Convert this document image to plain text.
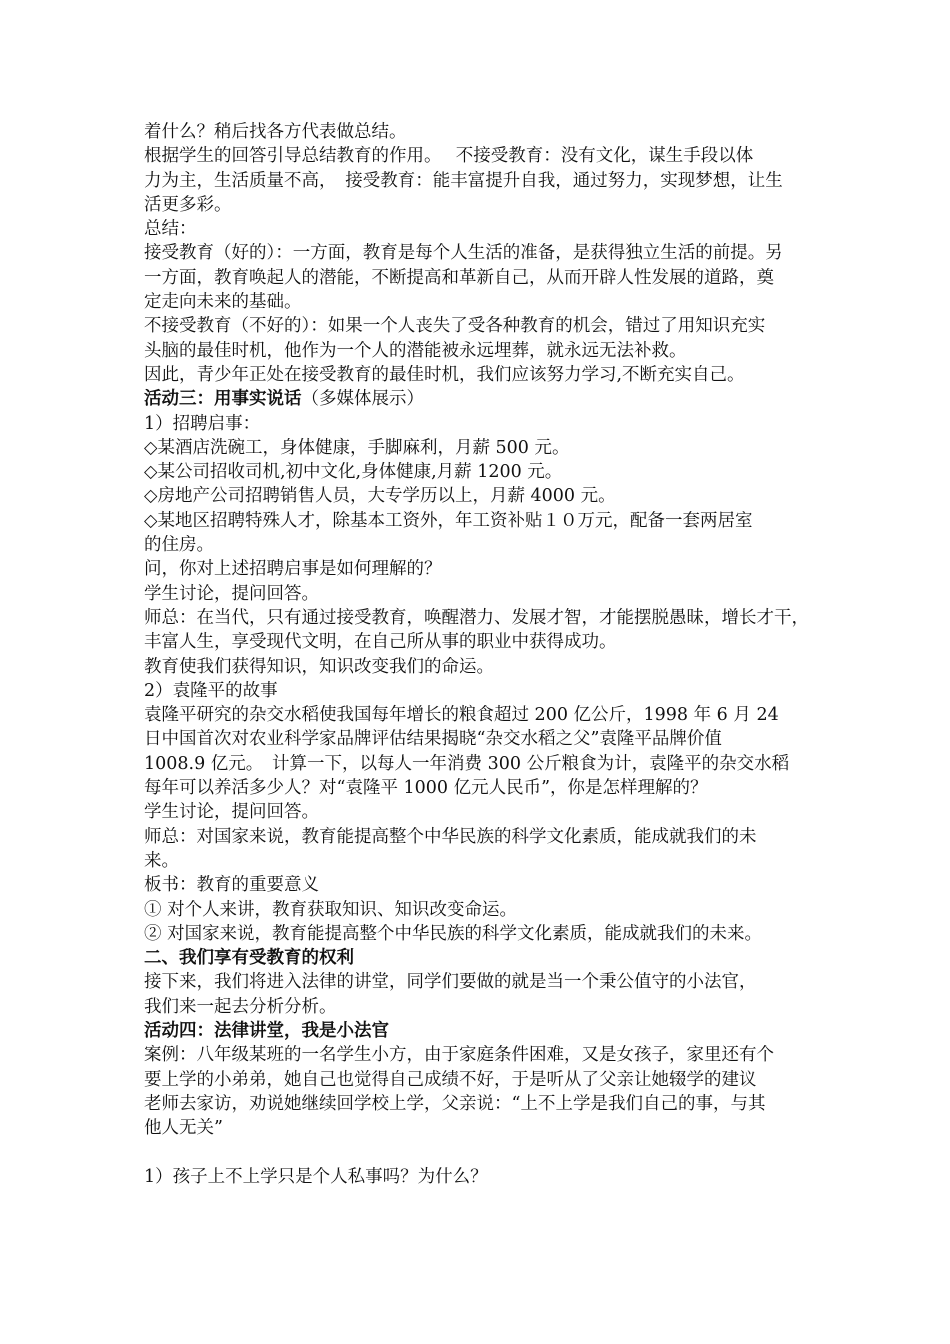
着什么？稍后找各方代表做总结。
根据学生的回答引导总结教育的作用。　 不接受教育：没有文化，谋生手段以体
力为主，生活质量不高，　接受教育：能丰富提升自我，通过努力，实现梦想，让生
活更多彩。
总结：
接受教育（好的）：一方面，教育是每个人生活的准备，是获得独立生活的前提。另
一方面，教育唤起人的潜能，不断提高和革新自己，从而开辟人性发展的道路，奠
定走向未来的基础。
不接受教育（不好的）：如果一个人丧失了受各种教育的机会，错过了用知识充实
头脑的最佳时机，他作为一个人的潜能被永远埋葬，就永远无法补救。
因此，青少年正处在接受教育的最佳时机，我们应该努力学习,不断充实自己。
活动三：用事实说话（多媒体展示）
1）招聘启事：
◇某酒店洗碗工，身体健康，手脚麻利，月薪 500 元。
◇某公司招收司机,初中文化,身体健康,月薪 1200 元。
◇房地产公司招聘销售人员，大专学历以上，月薪 4000 元。
◇某地区招聘特殊人才，除基本工资外，年工资补贴１０万元，配备一套两居室
的住房。
问，你对上述招聘启事是如何理解的？
学生讨论，提问回答。
师总：在当代，只有通过接受教育，唤醒潜力、发展才智，才能摆脱愚昧，增长才干，
丰富人生，享受现代文明，在自己所从事的职业中获得成功。
教育使我们获得知识，知识改变我们的命运。
2）袁隆平的故事
袁隆平研究的杂交水稻使我国每年增长的粮食超过 200 亿公斤，1998 年 6 月 24
日中国首次对农业科学家品牌评估结果揭晓“杂交水稻之父”袁隆平品牌价值
1008.9 亿元。　计算一下，以每人一年消费 300 公斤粮食为计，袁隆平的杂交水稻
每年可以养活多少人？对“袁隆平 1000 亿元人民币”，你是怎样理解的？
学生讨论，提问回答。
师总：对国家来说，教育能提高整个中华民族的科学文化素质，能成就我们的未
来。
板书：教育的重要意义
① 对个人来讲，教育获取知识、知识改变命运。
② 对国家来说，教育能提高整个中华民族的科学文化素质，能成就我们的未来。
二、我们享有受教育的权利
接下来，我们将进入法律的讲堂，同学们要做的就是当一个秉公值守的小法官，
我们来一起去分析分析。
活动四：法律讲堂，我是小法官
案例：八年级某班的一名学生小方，由于家庭条件困难，又是女孩子，家里还有个
要上学的小弟弟，她自己也觉得自己成绩不好，于是听从了父亲让她辍学的建议
老师去家访，劝说她继续回学校上学，父亲说：“上不上学是我们自己的事，与其
他人无关”
1）孩子上不上学只是个人私事吗？为什么？
